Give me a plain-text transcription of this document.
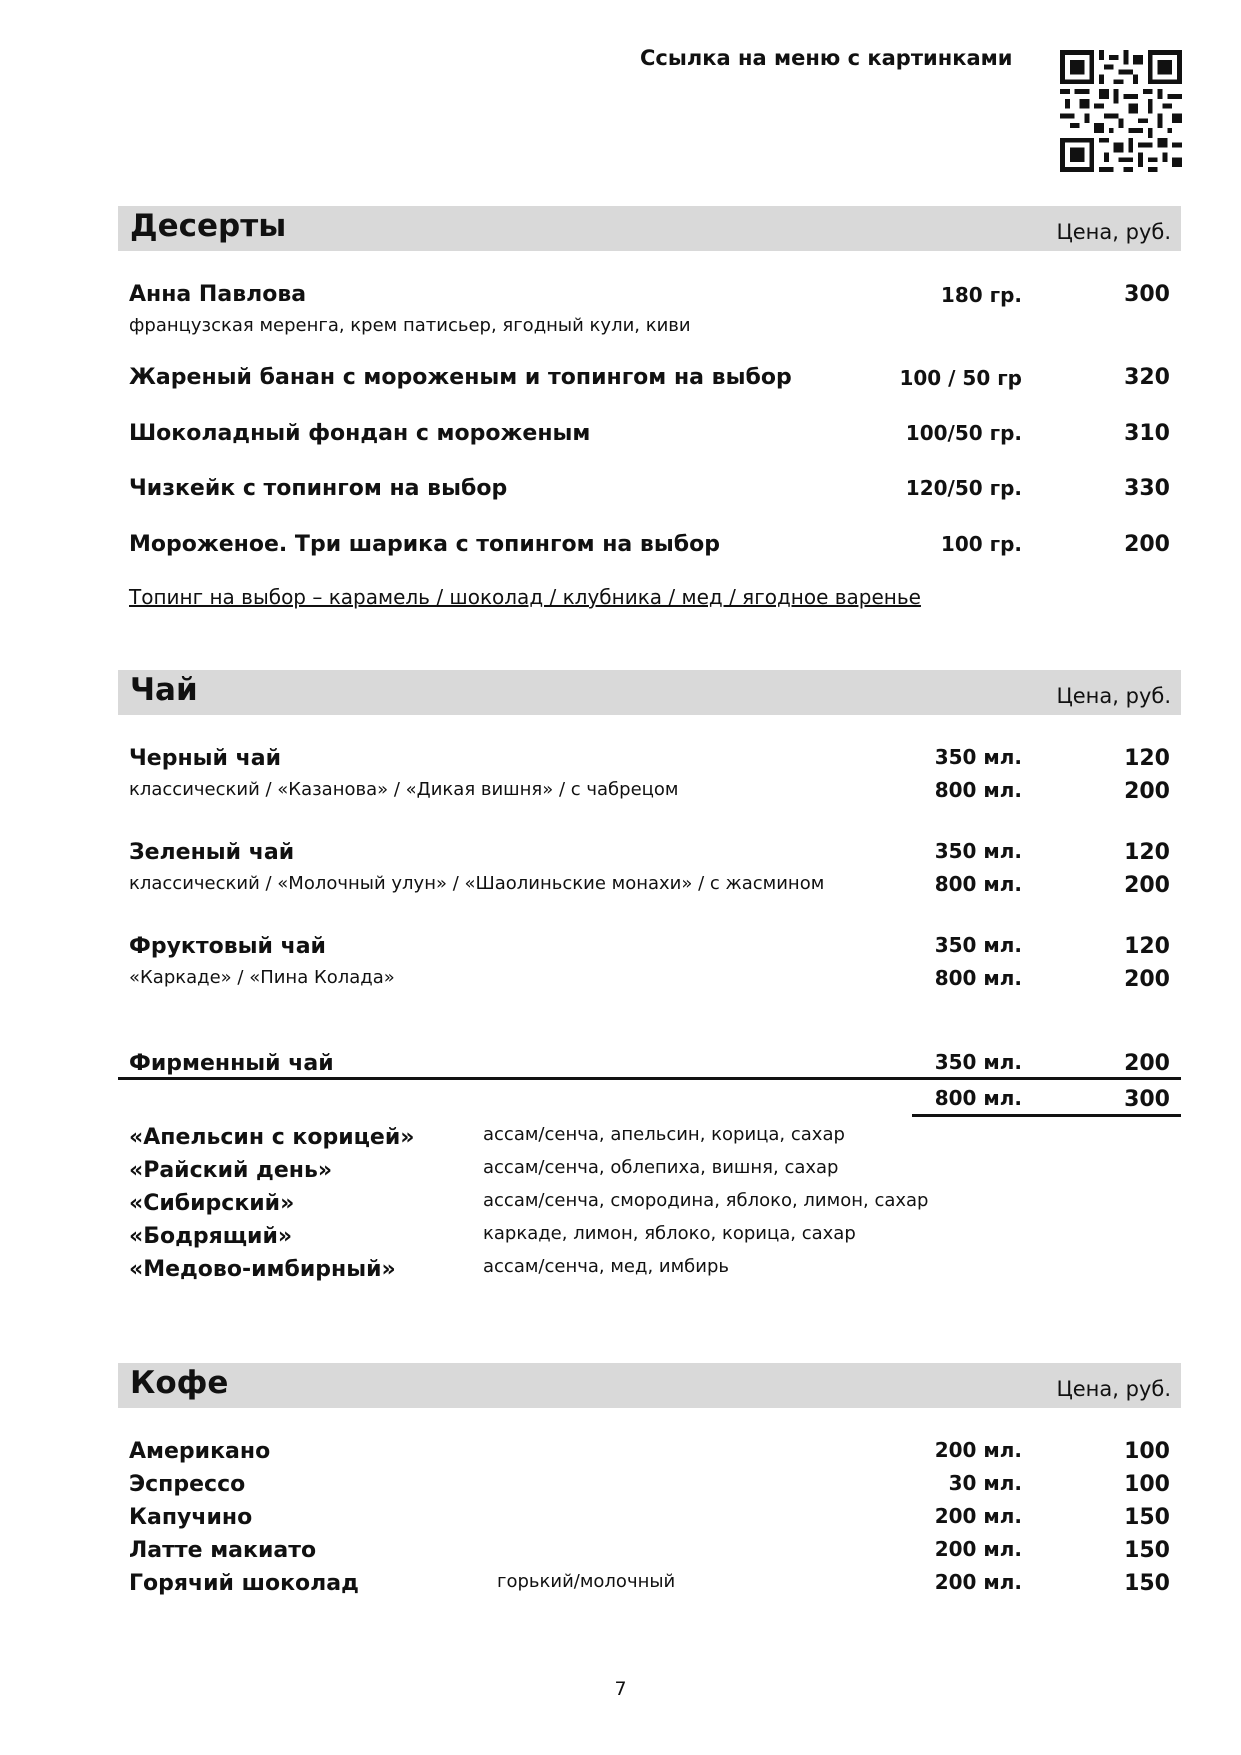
Ссылка на меню с картинками
Десерты	Цена, руб.
Анна Павлова
французская меренга, крем патисьер, ягодный кули, киви
180 гр.	300
Жареный банан с мороженым и топингом на выбор	100 / 50 гр	320
Шоколадный фондан с мороженым	100/50 гр.	310
Чизкейк с топингом на выбор	120/50 гр.	330
Мороженое. Три шарика с топингом на выбор	100 гр.	200
Топинг на выбор – карамель / шоколад / клубника / мед / ягодное варенье
Чай	Цена, руб.
Черный чай
классический / «Казанова» / «Дикая вишня» / с чабрецом
350 мл.	120
800 мл.	200
Зеленый чай
классический / «Молочный улун» / «Шаолиньские монахи» / с жасмином
350 мл.	120
800 мл.	200
Фруктовый чай
«Каркаде» / «Пина Колада»
350 мл.	120
800 мл.	200
Фирменный чай	350 мл.	200
800 мл.	300
«Апельсин с корицей»	ассам/сенча, апельсин, корица, сахар
«Райский день»	ассам/сенча, облепиха, вишня, сахар
«Сибирский»	ассам/сенча, смородина, яблоко, лимон, сахар
«Бодрящий»	каркаде, лимон, яблоко, корица, сахар
«Медово-имбирный»	ассам/сенча, мед, имбирь
Кофе	Цена, руб.
Американо	200 мл.	100
Эспрессо	30 мл.	100
Капучино	200 мл.	150
Латте макиато	200 мл.	150
Горячий шоколад	горький/молочный	200 мл.	150
7
